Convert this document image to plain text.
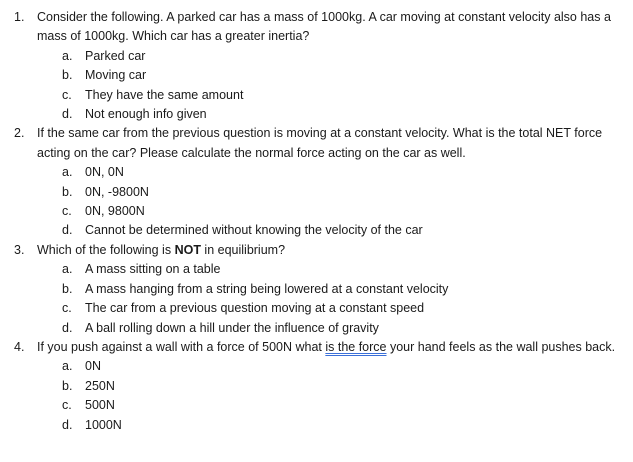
1. Consider the following. A parked car has a mass of 1000kg. A car moving at constant velocity also has a mass of 1000kg. Which car has a greater inertia?
a. Parked car
b. Moving car
c. They have the same amount
d. Not enough info given
2. If the same car from the previous question is moving at a constant velocity. What is the total NET force acting on the car? Please calculate the normal force acting on the car as well.
a. 0N, 0N
b. 0N, -9800N
c. 0N, 9800N
d. Cannot be determined without knowing the velocity of the car
3. Which of the following is NOT in equilibrium?
a. A mass sitting on a table
b. A mass hanging from a string being lowered at a constant velocity
c. The car from a previous question moving at a constant speed
d. A ball rolling down a hill under the influence of gravity
4. If you push against a wall with a force of 500N what is the force your hand feels as the wall pushes back.
a. 0N
b. 250N
c. 500N
d. 1000N
